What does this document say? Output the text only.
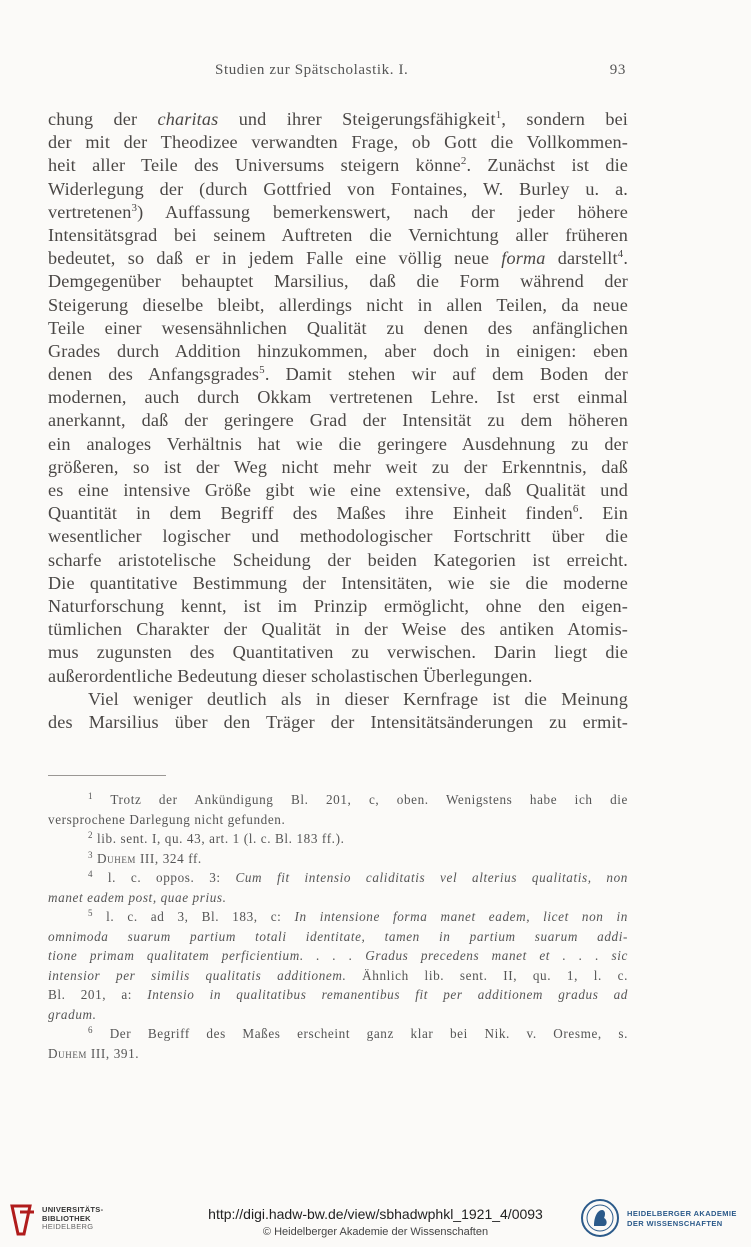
Studien zur Spätscholastik. I.	93
chung der charitas und ihrer Steigerungsfähigkeit$^1$, sondern bei
der mit der Theodizee verwandten Frage, ob Gott die Vollkommen-
heit aller Teile des Universums steigern könne$^2$. Zunächst ist die
Widerlegung der (durch Gottfried von Fontaines, W. Burley u. a.
vertretenen$^3$) Auffassung bemerkenswert, nach der jeder höhere
Intensitätsgrad bei seinem Auftreten die Vernichtung aller früheren
bedeutet, so daß er in jedem Falle eine völlig neue forma darstellt$^4$.
Demgegenüber behauptet Marsilius, daß die Form während der
Steigerung dieselbe bleibt, allerdings nicht in allen Teilen, da neue
Teile einer wesensähnlichen Qualität zu denen des anfänglichen
Grades durch Addition hinzukommen, aber doch in einigen: eben
denen des Anfangsgrades$^5$. Damit stehen wir auf dem Boden der
modernen, auch durch Okkam vertretenen Lehre. Ist erst einmal
anerkannt, daß der geringere Grad der Intensität zu dem höheren
ein analoges Verhältnis hat wie die geringere Ausdehnung zu der
größeren, so ist der Weg nicht mehr weit zu der Erkenntnis, daß
es eine intensive Größe gibt wie eine extensive, daß Qualität und
Quantität in dem Begriff des Maßes ihre Einheit finden$^6$. Ein
wesentlicher logischer und methodologischer Fortschritt über die
scharfe aristotelische Scheidung der beiden Kategorien ist erreicht.
Die quantitative Bestimmung der Intensitäten, wie sie die moderne
Naturforschung kennt, ist im Prinzip ermöglicht, ohne den eigen-
tümlichen Charakter der Qualität in der Weise des antiken Atomis-
mus zugunsten des Quantitativen zu verwischen. Darin liegt die
außerordentliche Bedeutung dieser scholastischen Überlegungen.
Viel weniger deutlich als in dieser Kernfrage ist die Meinung
des Marsilius über den Träger der Intensitätsänderungen zu ermit-
$^1$ Trotz der Ankündigung Bl. 201, c, oben. Wenigstens habe ich die
versprochene Darlegung nicht gefunden.
$^2$ lib. sent. I, qu. 43, art. 1 (l. c. Bl. 183 ff.).
$^3$ Duhem III, 324 ff.
$^4$ l. c. oppos. 3: Cum fit intensio caliditatis vel alterius qualitatis, non
manet eadem post, quae prius.
$^5$ l. c. ad 3, Bl. 183, c: In intensione forma manet eadem, licet non in
omnimoda suarum partium totali identitate, tamen in partium suarum addi-
tione primam qualitatem perficientium. . . . Gradus precedens manet et . . . sic
intensior per similis qualitatis additionem. Ähnlich lib. sent. II, qu. 1, l. c.
Bl. 201, a: Intensio in qualitatibus remanentibus fit per additionem gradus ad
gradum.
$^6$ Der Begriff des Maßes erscheint ganz klar bei Nik. v. Oresme, s.
Duhem III, 391.
UNIVERSITÄTS-
BIBLIOTHEK
HEIDELBERG
http://digi.hadw-bw.de/view/sbhadwphkl_1921_4/0093
© Heidelberger Akademie der Wissenschaften
HEIDELBERGER AKADEMIE
DER WISSENSCHAFTEN
